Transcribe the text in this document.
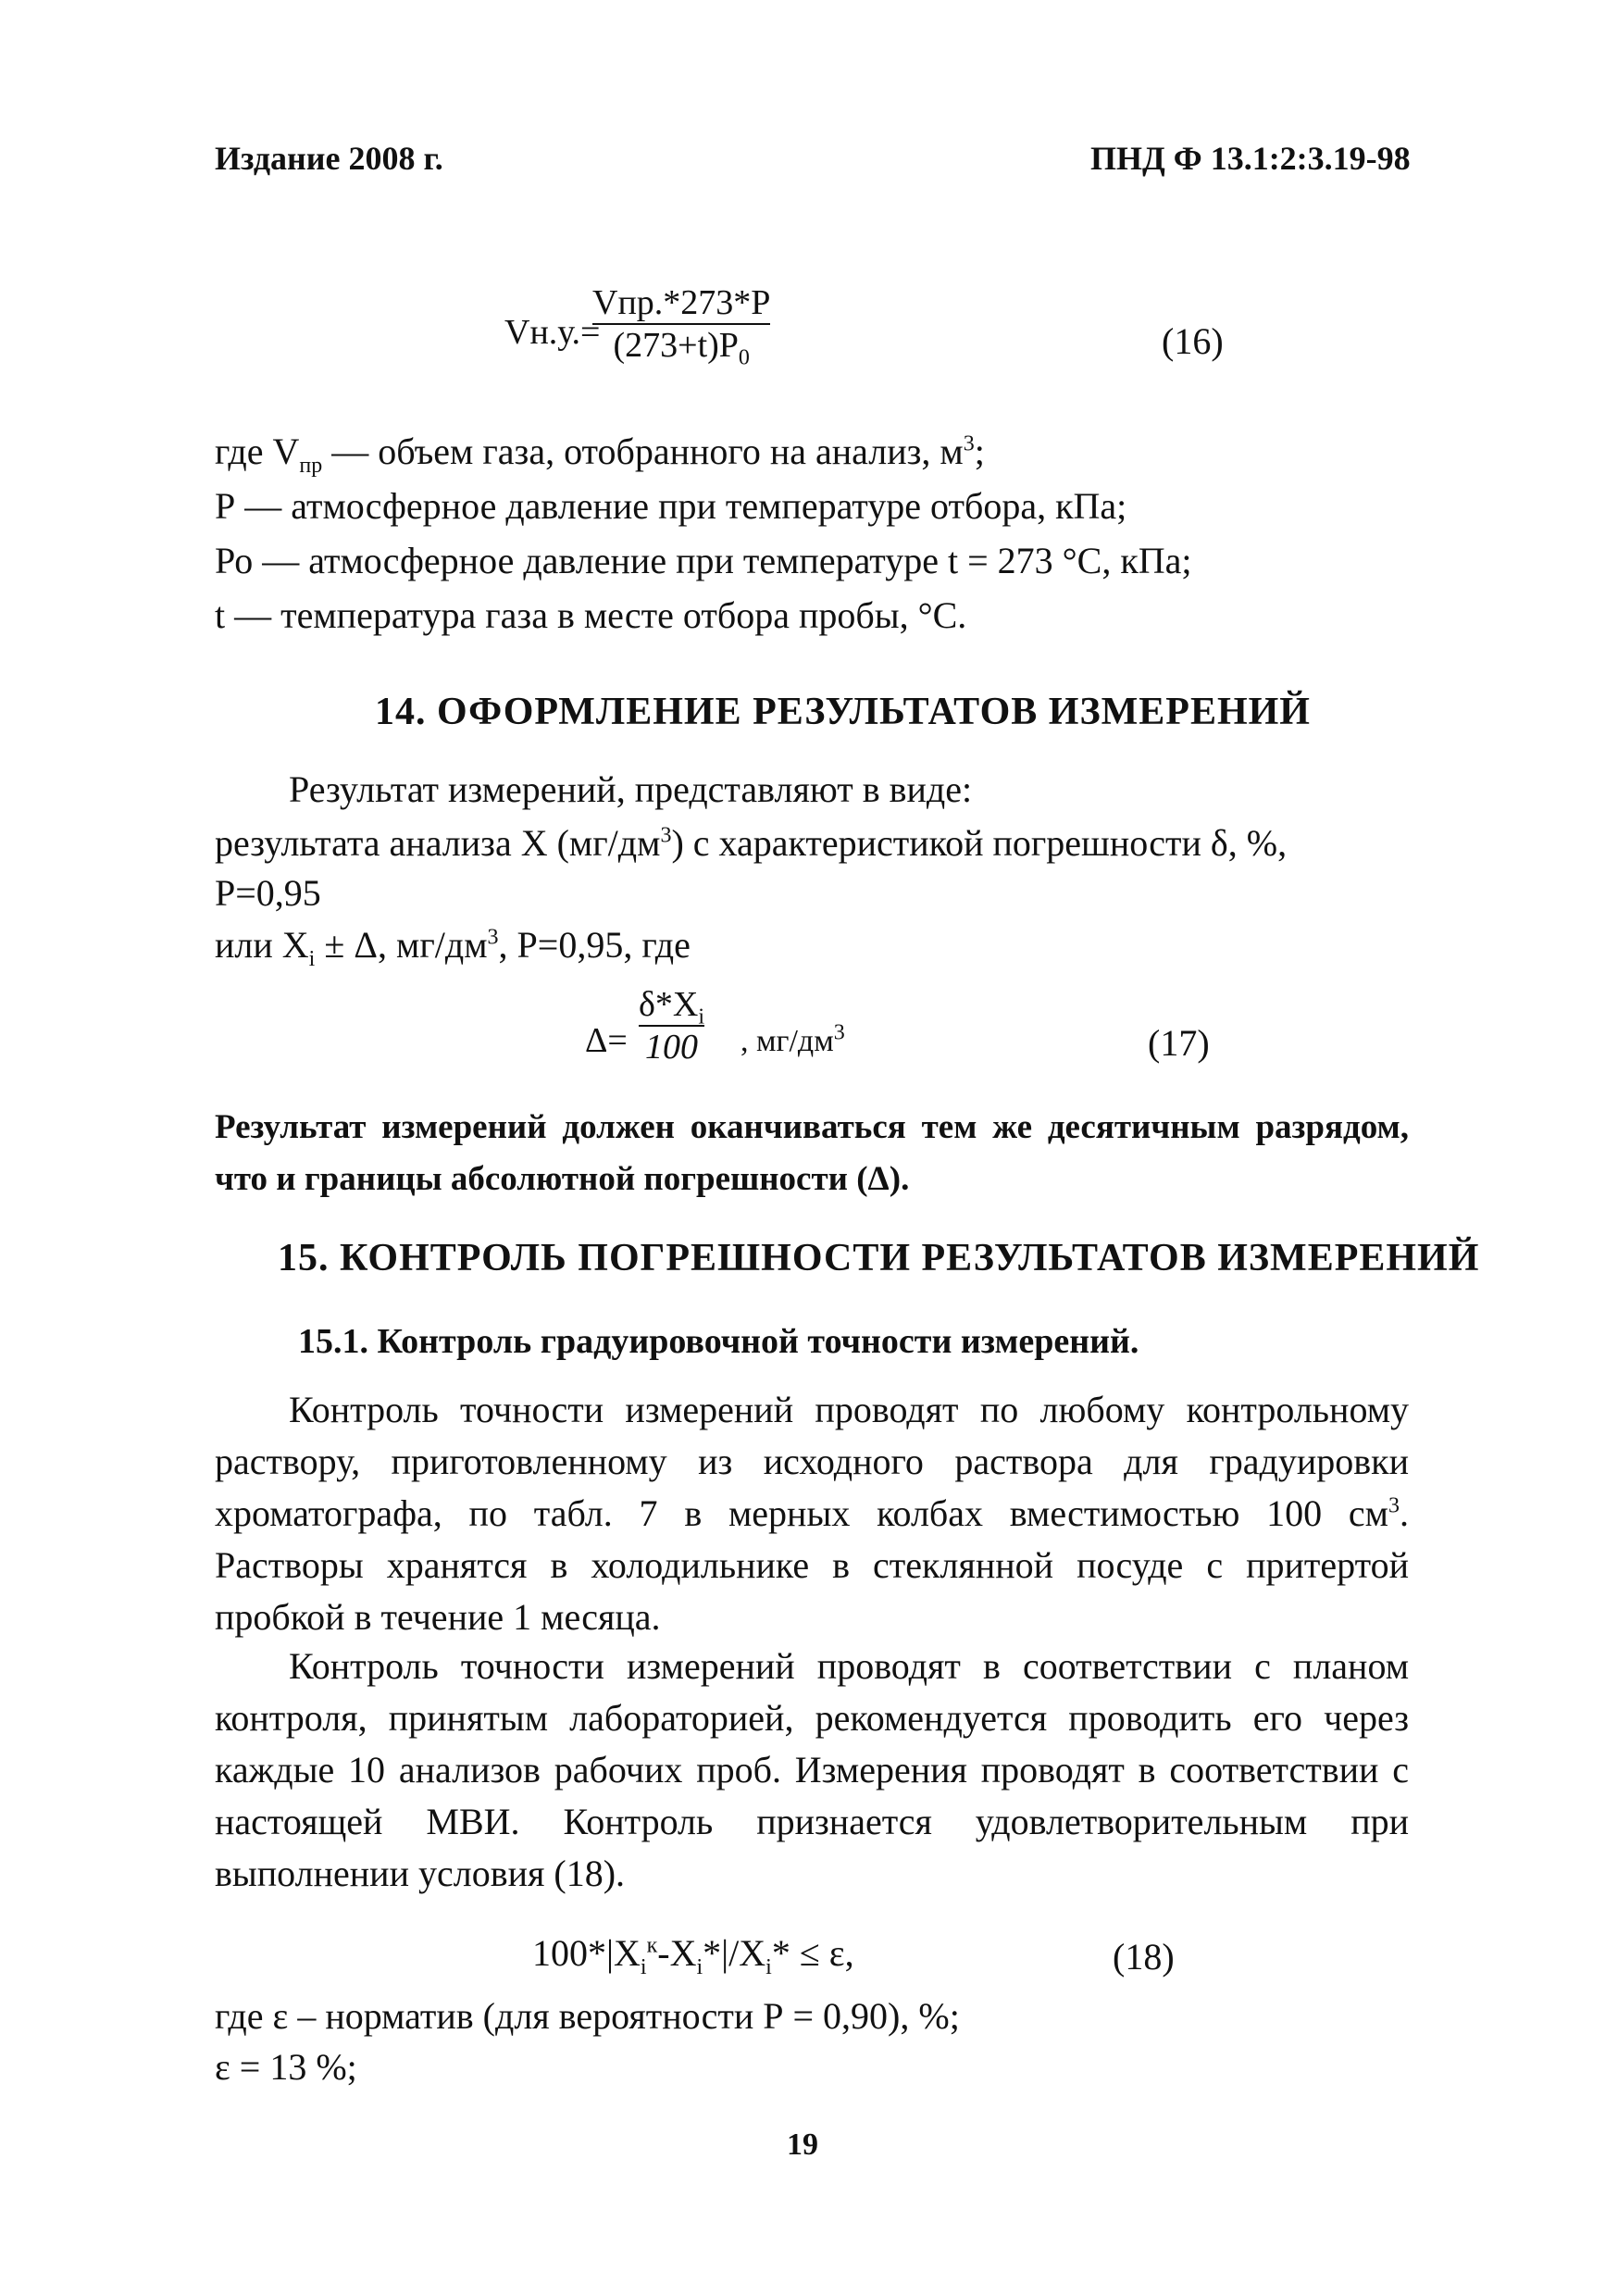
Издание 2008 г.	ПНД Ф 13.1:2:3.19-98
Vн.у.=
Vпр.*273*P
$(273+t)P_0$	(16)
где $V_{пр}$ — объем газа, отобранного на анализ, $м^3$;
Р — атмосферное давление при температуре отбора, кПа;
Ро — атмосферное давление при температуре t = 273 °С, кПа;
t — температура газа в месте отбора пробы, °С.
14. ОФОРМЛЕНИЕ РЕЗУЛЬТАТОВ ИЗМЕРЕНИЙ
Результат измерений, представляют в виде:
результата анализа Х $(мг/дм^3)$ с характеристикой погрешности δ, %,
Р=0,95
или $Х_i \pm \Delta$, $мг/дм^3$, Р=0,95, где
Δ=
$\delta*Х_i$
100 , $мг/дм^3$	(17)
Результат измерений должен оканчиваться тем же десятичным разрядом, что и границы абсолютной погрешности (Δ).
15. КОНТРОЛЬ ПОГРЕШНОСТИ РЕЗУЛЬТАТОВ ИЗМЕРЕНИЙ
15.1. Контроль градуировочной точности измерений.
Контроль точности измерений проводят по любому контрольному раствору, приготовленному из исходного раствора для градуировки хроматографа, по табл. 7 в мерных колбах вместимостью 100 $см^3$. Растворы хранятся в холодильнике в стеклянной посуде с притертой пробкой в течение 1 месяца.
Контроль точности измерений проводят в соответствии с планом контроля, принятым лабораторией, рекомендуется проводить его через каждые 10 анализов рабочих проб. Измерения проводят в соответствии с настоящей МВИ. Контроль признается удовлетворительным при выполнении условия (18).
$100*|Х_i^к-Х_i*|/Х_i* \le \varepsilon$,	(18)
где ε – норматив (для вероятности Р = 0,90), %;
ε = 13 %;
19
